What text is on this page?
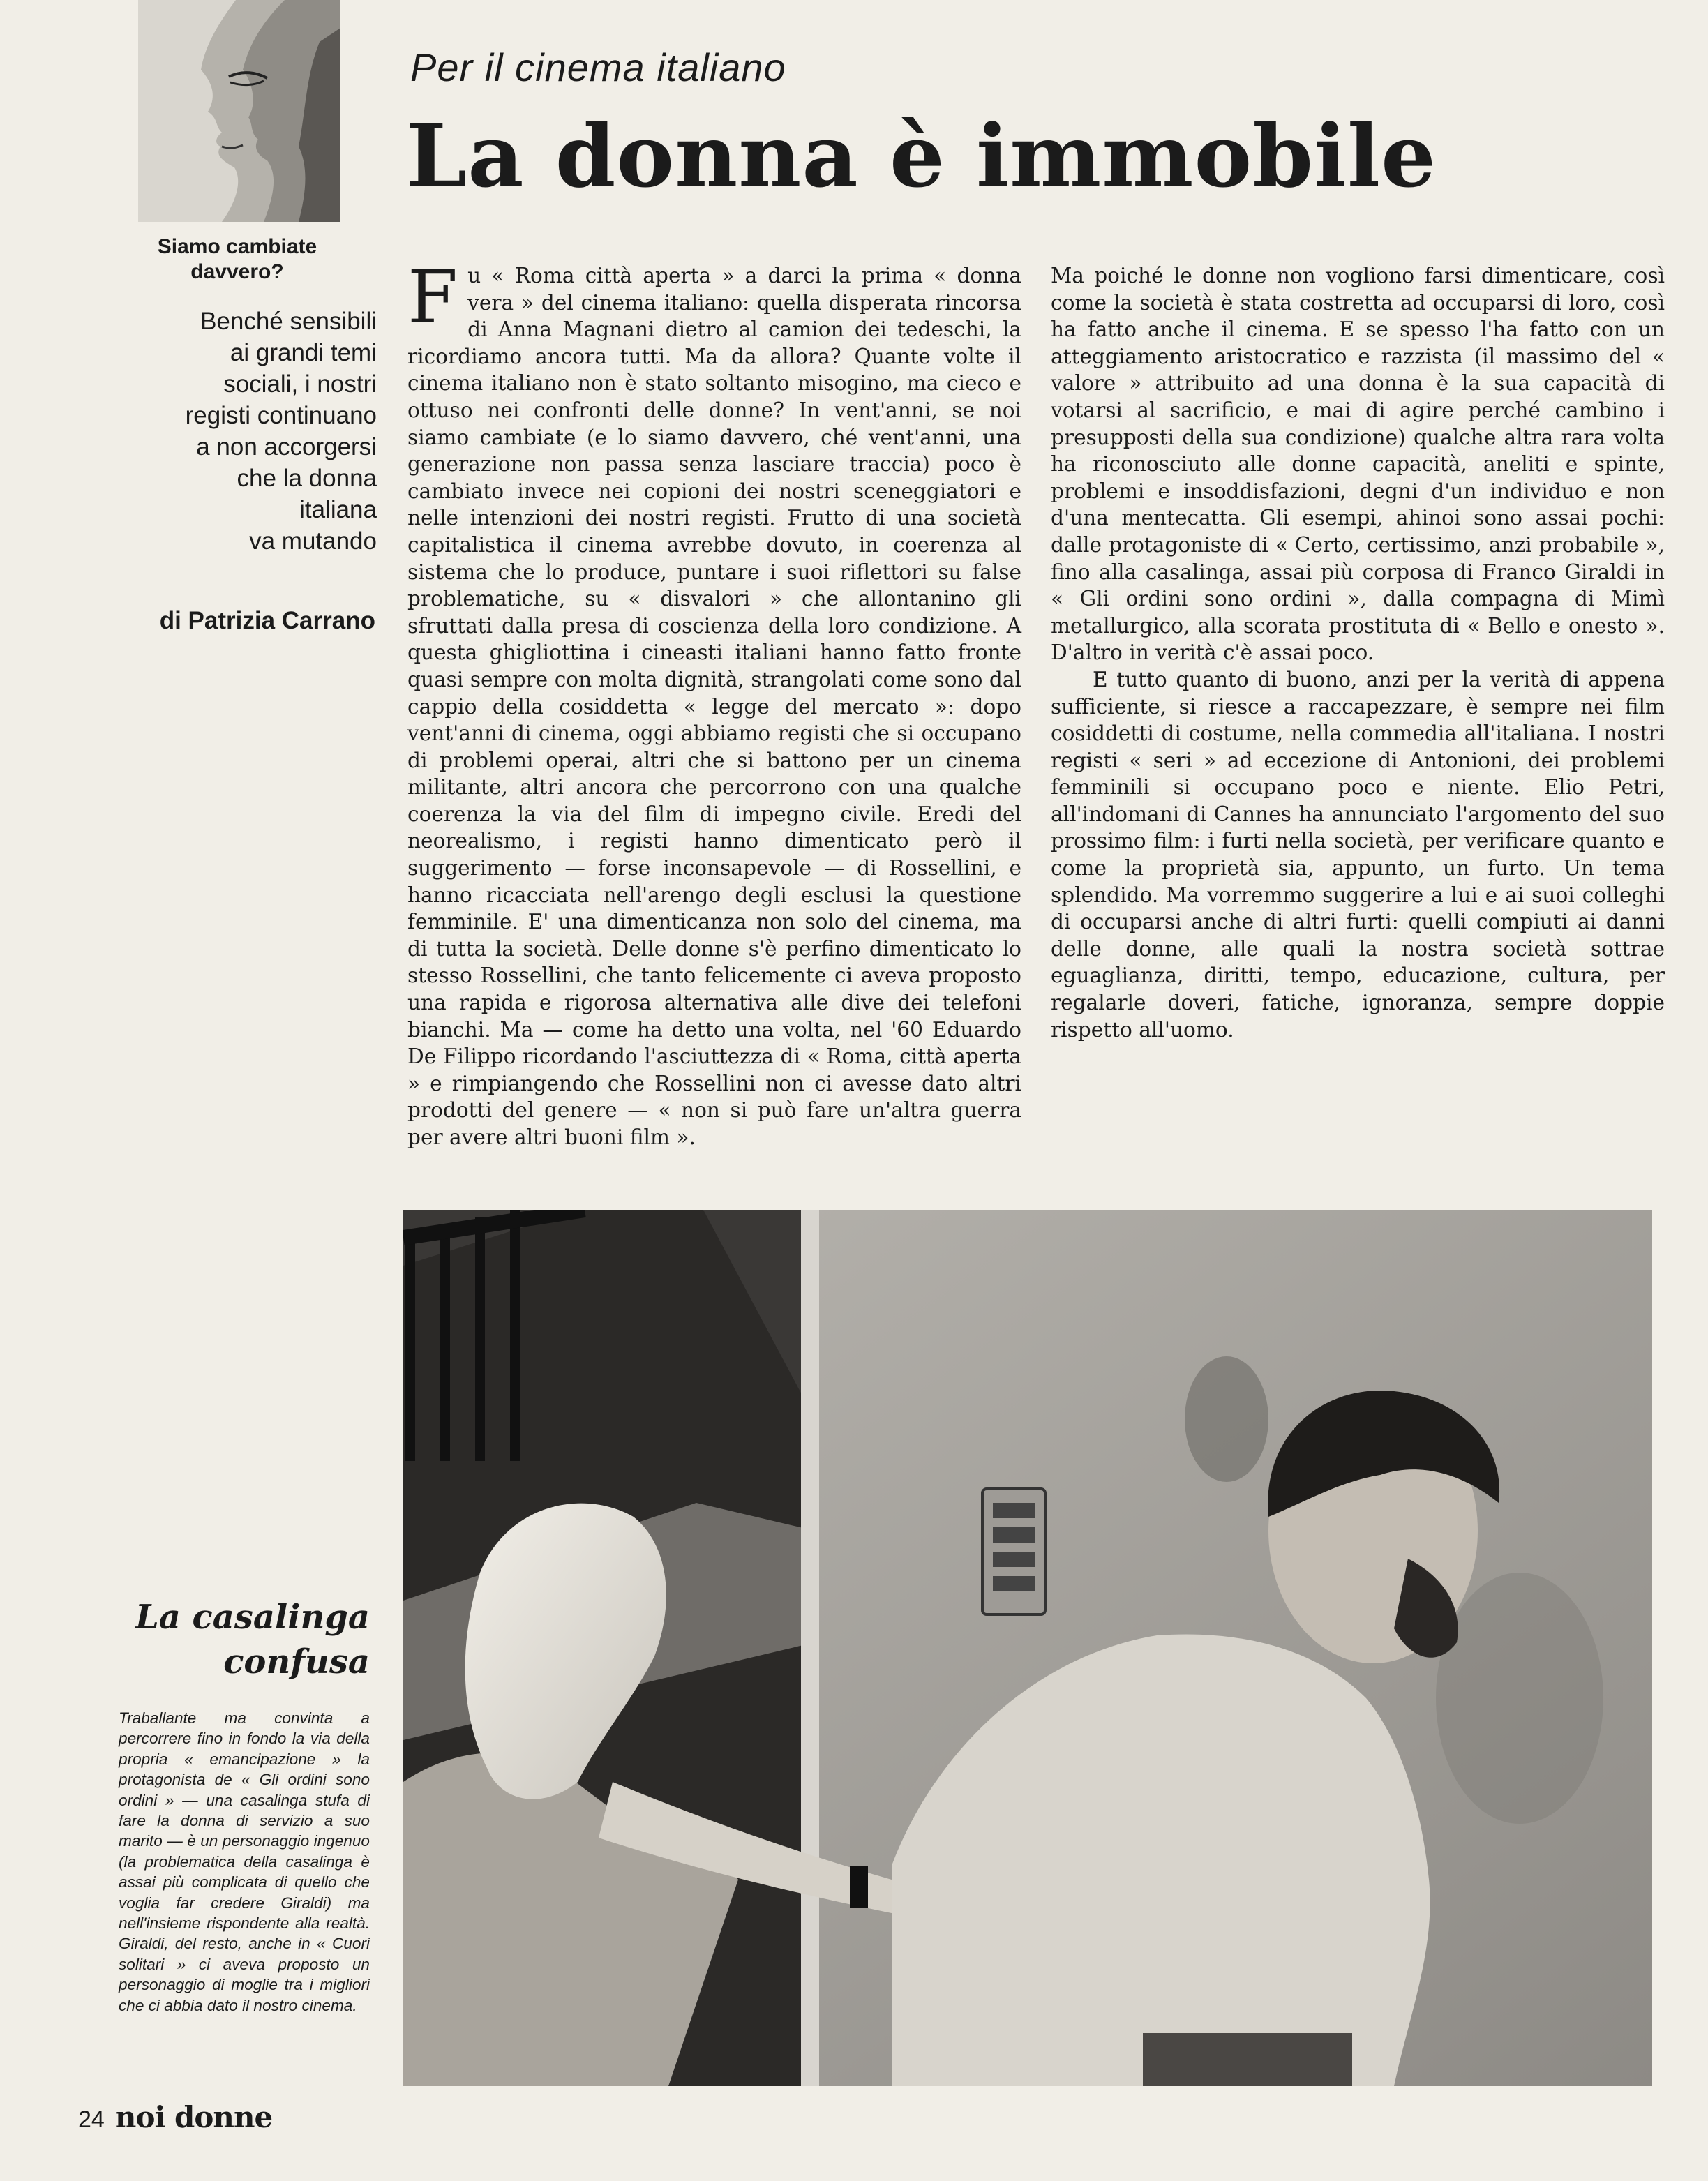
Siamo cambiate
davvero?
Benché sensibili
ai grandi temi
sociali, i nostri
registi continuano
a non accorgersi
che la donna
italiana
va mutando
di Patrizia Carrano
Per il cinema italiano
La donna è immobile

Fu « Roma città aperta » a darci la prima « donna vera » del cinema italiano: quella disperata rincorsa di Anna Magnani dietro al camion dei tedeschi, la ricordiamo ancora tutti. Ma da allora? Quante volte il cinema italiano non è stato soltanto misogino, ma cieco e ottuso nei confronti delle donne? In vent'anni, se noi siamo cambiate (e lo siamo davvero, ché vent'anni, una generazione non passa senza lasciare traccia) poco è cambiato invece nei copioni dei nostri sceneggiatori e nelle intenzioni dei nostri registi. Frutto di una società capitalistica il cinema avrebbe dovuto, in coerenza al sistema che lo produce, puntare i suoi riflettori su false problematiche, su « disvalori » che allontanino gli sfruttati dalla presa di coscienza della loro condizione. A questa ghigliottina i cineasti italiani hanno fatto fronte quasi sempre con molta dignità, strangolati come sono dal cappio della cosiddetta « legge del mercato »: dopo vent'anni di cinema, oggi abbiamo registi che si occupano di problemi operai, altri che si battono per un cinema militante, altri ancora che percorrono con una qualche coerenza la via del film di impegno civile. Eredi del neorealismo, i registi hanno dimenticato però il suggerimento — forse inconsapevole — di Rossellini, e hanno ricacciata nell'arengo degli esclusi la questione femminile. E' una dimenticanza non solo del cinema, ma di tutta la società. Delle donne s'è perfino dimenticato lo stesso Rossellini, che tanto felicemente ci aveva proposto una rapida e rigorosa alternativa alle dive dei telefoni bianchi. Ma — come ha detto una volta, nel '60 Eduardo De Filippo ricordando l'asciuttezza di « Roma, città aperta » e rimpiangendo che Rossellini non ci avesse dato altri prodotti del genere — « non si può fare un'altra guerra per avere altri buoni film ».

Ma poiché le donne non vogliono farsi dimenticare, così come la società è stata costretta ad occuparsi di loro, così ha fatto anche il cinema. E se spesso l'ha fatto con un atteggiamento aristocratico e razzista (il massimo del « valore » attribuito ad una donna è la sua capacità di votarsi al sacrificio, e mai di agire perché cambino i presupposti della sua condizione) qualche altra rara volta ha riconosciuto alle donne capacità, aneliti e spinte, problemi e insoddisfazioni, degni d'un individuo e non d'una mentecatta. Gli esempi, ahinoi sono assai pochi: dalle protagoniste di « Certo, certissimo, anzi probabile », fino alla casalinga, assai più corposa di Franco Giraldi in « Gli ordini sono ordini », dalla compagna di Mimì metallurgico, alla scorata prostituta di « Bello e onesto ». D'altro in verità c'è assai poco.

E tutto quanto di buono, anzi per la verità di appena sufficiente, si riesce a raccapezzare, è sempre nei film cosiddetti di costume, nella commedia all'italiana. I nostri registi « seri » ad eccezione di Antonioni, dei problemi femminili si occupano poco e niente. Elio Petri, all'indomani di Cannes ha annunciato l'argomento del suo prossimo film: i furti nella società, per verificare quanto e come la proprietà sia, appunto, un furto. Un tema splendido. Ma vorremmo suggerire a lui e ai suoi colleghi di occuparsi anche di altri furti: quelli compiuti ai danni delle donne, alle quali la nostra società sottrae eguaglianza, diritti, tempo, educazione, cultura, per regalarle doveri, fatiche, ignoranza, sempre doppie rispetto all'uomo.

La casalinga
confusa
Traballante ma convinta a percorrere fino in fondo la via della propria « emancipazione » la protagonista de « Gli ordini sono ordini » — una casalinga stufa di fare la donna di servizio a suo marito — è un personaggio ingenuo (la problematica della casalinga è assai più complicata di quello che voglia far credere Giraldi) ma nell'insieme rispondente alla realtà. Giraldi, del resto, anche in « Cuori solitari » ci aveva proposto un personaggio di moglie tra i migliori che ci abbia dato il nostro cinema.
24 noi donne
